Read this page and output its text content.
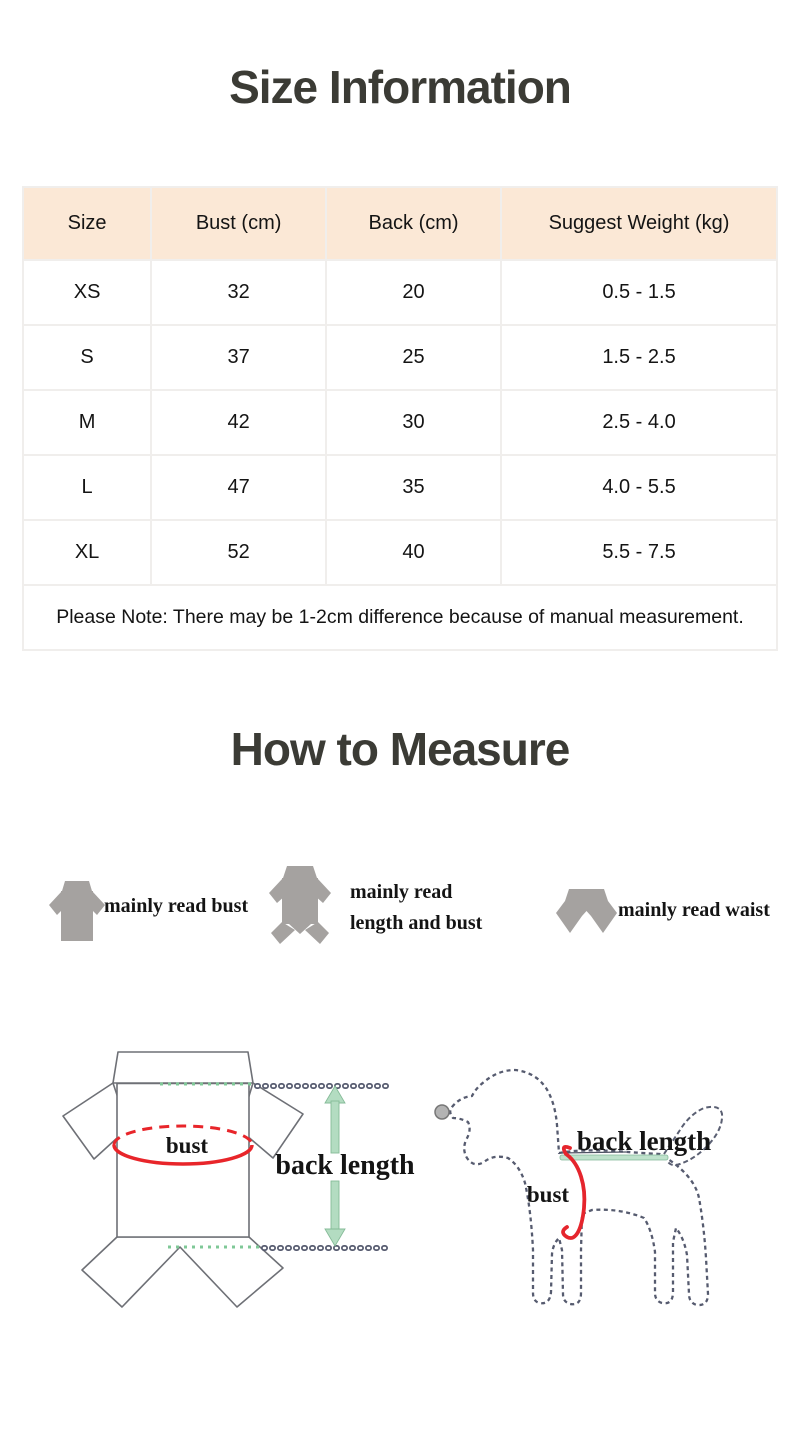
Size Information
Size	Bust (cm)	Back (cm)	Suggest Weight (kg)
XS	32	20	0.5 - 1.5
S	37	25	1.5 - 2.5
M	42	30	2.5 - 4.0
L	47	35	4.0 - 5.5
XL	52	40	5.5 - 7.5
Please Note: There may be 1-2cm difference because of manual measurement.			
How to Measure
mainly read bust
mainly read
length and bust
mainly read waist
bust
back length
back length
bust
